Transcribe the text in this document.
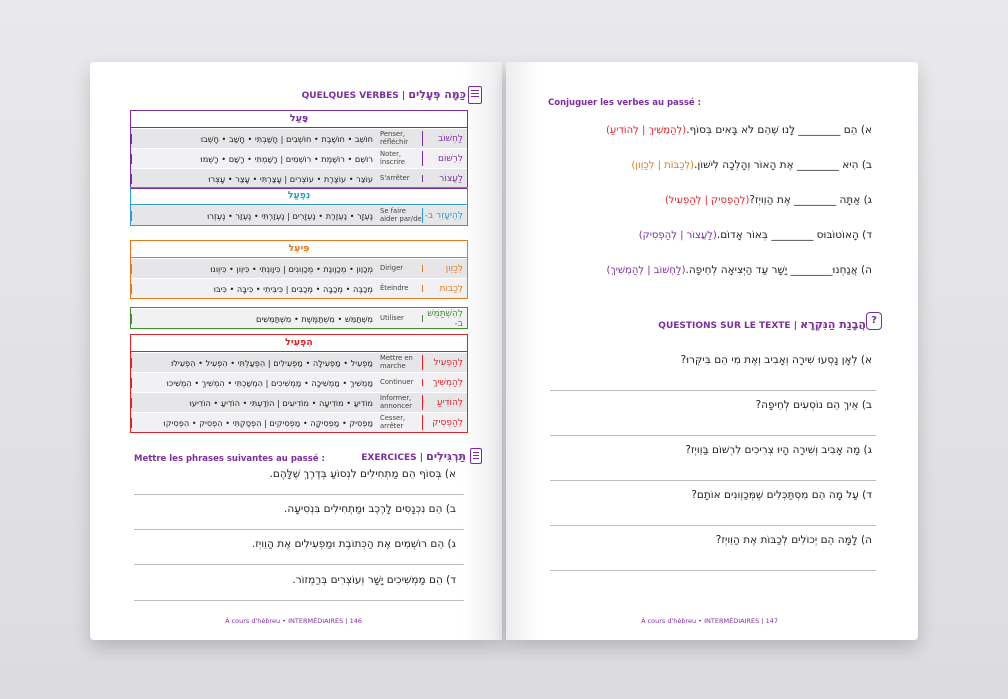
QUELQUES VERBES | כַּמָּה פְּעָלִים
פָּעַל
חוֹשֵׁב • חוֹשֶׁבֶת • חוֹשְׁבִים | חָשַׁבְתִּי • חָשַׁב • חָשְׁבוּ	Penser, réfléchir	לַחְשׁוֹב
רוֹשֵׁם • רוֹשֶׁמֶת • רוֹשְׁמִים | רָשַׁמְתִּי • רָשַׁם • רָשְׁמוּ	Noter, inscrire	לִרְשׁוֹם
עוֹצֵר • עוֹצֶרֶת • עוֹצְרִים | עָצַרְתִּי • עָצַר • עָצְרוּ	S'arrêter	לַעֲצוֹר
נִפְעַל
נֶעְזָר • נֶעְזֶרֶת • נֶעְזָרִים | נֶעְזַרְתִּי • נֶעְזַר • נֶעְזְרוּ	Se faire aider par/de לְהֵיעָזֵר ב-
פִּיעֵל
מְכַוֵון • מְכַוֶונֶת • מְכַוְונִים | כִּיוַונְתִּי • כִּיוֵון • כִּיוְונוּ	Diriger	לְכַוֵון
מְכַבֶּה • מְכַבָּה • מְכַבִּים | כִּיבִּיתִי • כִּיבָּה • כִּיבּוּ	Éteindre	לְכַבּוֹת
מִשְׁתַּמֵּשׁ • מִשְׁתַּמֶּשֶׁת • מִשְׁתַּמְּשִׁים	Utiliser	לְהִשְׁתַּמֵּשׁ ב-
הִפְעִיל
מַפְעִיל • מַפְעִילָה • מַפְעִילִים | הִפְעַלְתִּי • הִפְעִיל • הִפְעִילוּ	Mettre en marche	לְהַפְעִיל
מַמְשִׁיךְ • מַמְשִׁיכָה • מַמְשִׁיכִים | הִמְשַׁכְתִּי • הִמְשִׁיךְ • הִמְשִׁיכוּ	Continuer	לְהַמְשִׁיךְ
מוֹדִיעַ • מוֹדִיעָה • מוֹדִיעִים | הוֹדַעְתִּי • הוֹדִיעַ • הוֹדִיעוּ	Informer, annoncer	לְהוֹדִיעַ
מַפְסִיק • מַפְסִיקָה • מַפְסִיקִים | הִפְסַקְתִּי • הִפְסִיק • הִפְסִיקוּ	Cesser, arrêter	לְהַפְסִיק
EXERCICES | תַּרְגִּילִים
Mettre les phrases suivantes au passé :
א) בְּסוֹף הֵם מַתְחִילִים לִנְסוֹעַ בְּדֶרֶךְ שֶׁלָּהֶם.
ב) הֵם נִכְנָסִים לָרֶכֶב וּמַתְחִילִים בִּנְסִיעָה.
ג) הֵם רוֹשְׁמִים אֶת הַכְּתוֹבֶת וּמַפְעִילִים אֶת הַוֵויְז.
ד) הֵם מַמְשִׁיכִים יָשָׁר וְעוֹצְרִים בְּרַמְזוֹר.
À cours d'hébreu • INTERMÉDIAIRES | 146
Conjuguer les verbes au passé :
א) הֵם ________ לָנוּ שֶׁהֵם לֹא בָּאִים בְּסוֹף.(לְהַמְשִׁיךְ | לְהוֹדִיעַ)
ב) הִיא ________ אֶת הָאוֹר וְהָלְכָה לִישׁוֹן.(לְכַבּוֹת | לְכַוֵון)
ג) אַתָּה ________ אֶת הַוֵויְז?(לְהַפְסִיק | לְהַפְעִיל)
ד) הָאוֹטוֹבּוּס ________ בְּאוֹר אָדוֹם.(לַעֲצוֹר | לְהַפְסִיק)
ה) אֲנַחְנוּ________ יָשָׁר עַד הַיְּצִיאָה לְחֵיפָה.(לַחְשׁוֹב | לְהַמְשִׁיךְ)
QUESTIONS SUR LE TEXTE | הֲבָנַת הַנִּקְרָא ?
א) לְאָן נָסְעוּ שִׁירָה וְאָבִיב וְאֶת מִי הֵם בִּיקְּרוּ?
ב) אֵיךְ הֵם נוֹסְעִים לְחֵיפָה?
ג) מָה אָבִיב וְשִׁירָה הָיוּ צְרִיכִים לִרְשׁוֹם בַּוֵויְז?
ד) עַל מָה הֵם מִסְתַּכְּלִים שֶׁמְּכַוְונִים אוֹתָם?
ה) לָמָּה הֵם יְכוֹלִים לְכַבּוֹת אֶת הַוֵויְז?
À cours d'hébreu • INTERMÉDIAIRES | 147
